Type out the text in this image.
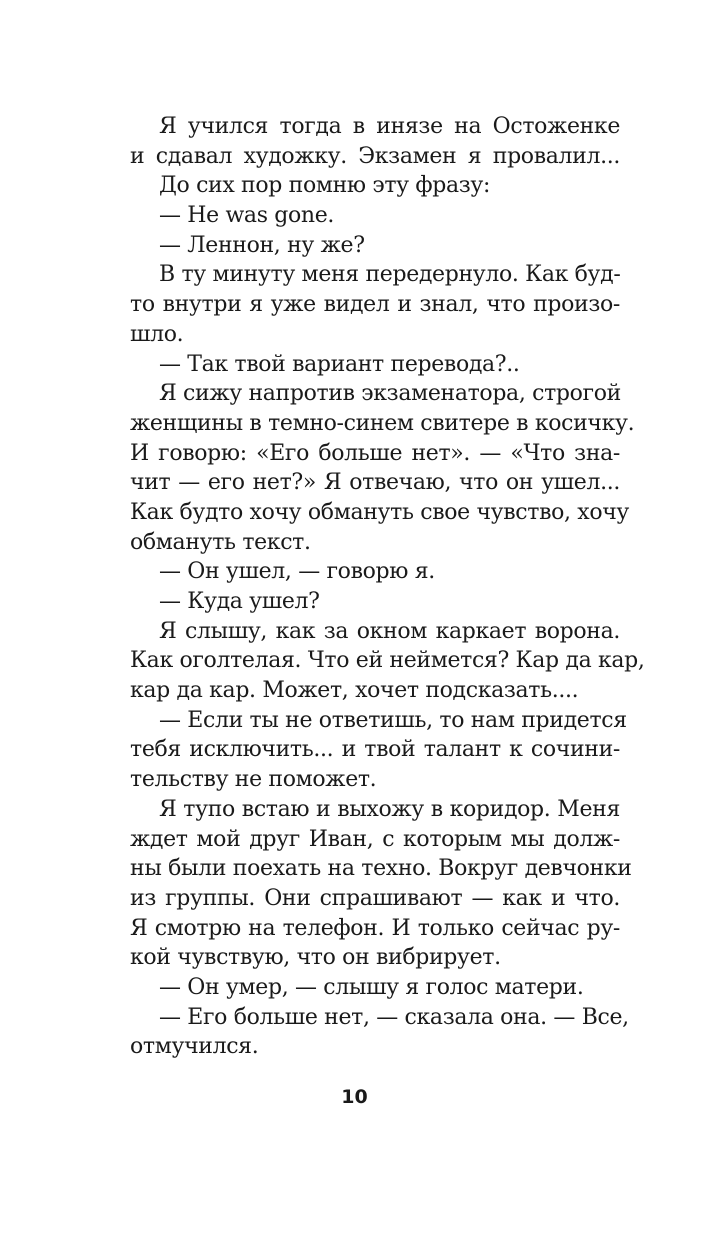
Я учился тогда в инязе на Остоженке
и сдавал художку. Экзамен я провалил...
До сих пор помню эту фразу:
— He was gone.
— Леннон, ну же?
В ту минуту меня передернуло. Как буд-
то внутри я уже видел и знал, что произо-
шло.
— Так твой вариант перевода?..
Я сижу напротив экзаменатора, строгой
женщины в темно-синем свитере в косичку.
И говорю: «Его больше нет». — «Что зна-
чит — его нет?» Я отвечаю, что он ушел...
Как будто хочу обмануть свое чувство, хочу
обмануть текст.
— Он ушел, — говорю я.
— Куда ушел?
Я слышу, как за окном каркает ворона.
Как оголтелая. Что ей неймется? Кар да кар,
кар да кар. Может, хочет подсказать....
— Если ты не ответишь, то нам придется
тебя исключить... и твой талант к сочини-
тельству не поможет.
Я тупо встаю и выхожу в коридор. Меня
ждет мой друг Иван, с которым мы долж-
ны были поехать на техно. Вокруг девчонки
из группы. Они спрашивают — как и что.
Я смотрю на телефон. И только сейчас ру-
кой чувствую, что он вибрирует.
— Он умер, — слышу я голос матери.
— Его больше нет, — сказала она. — Все,
отмучился.
10
